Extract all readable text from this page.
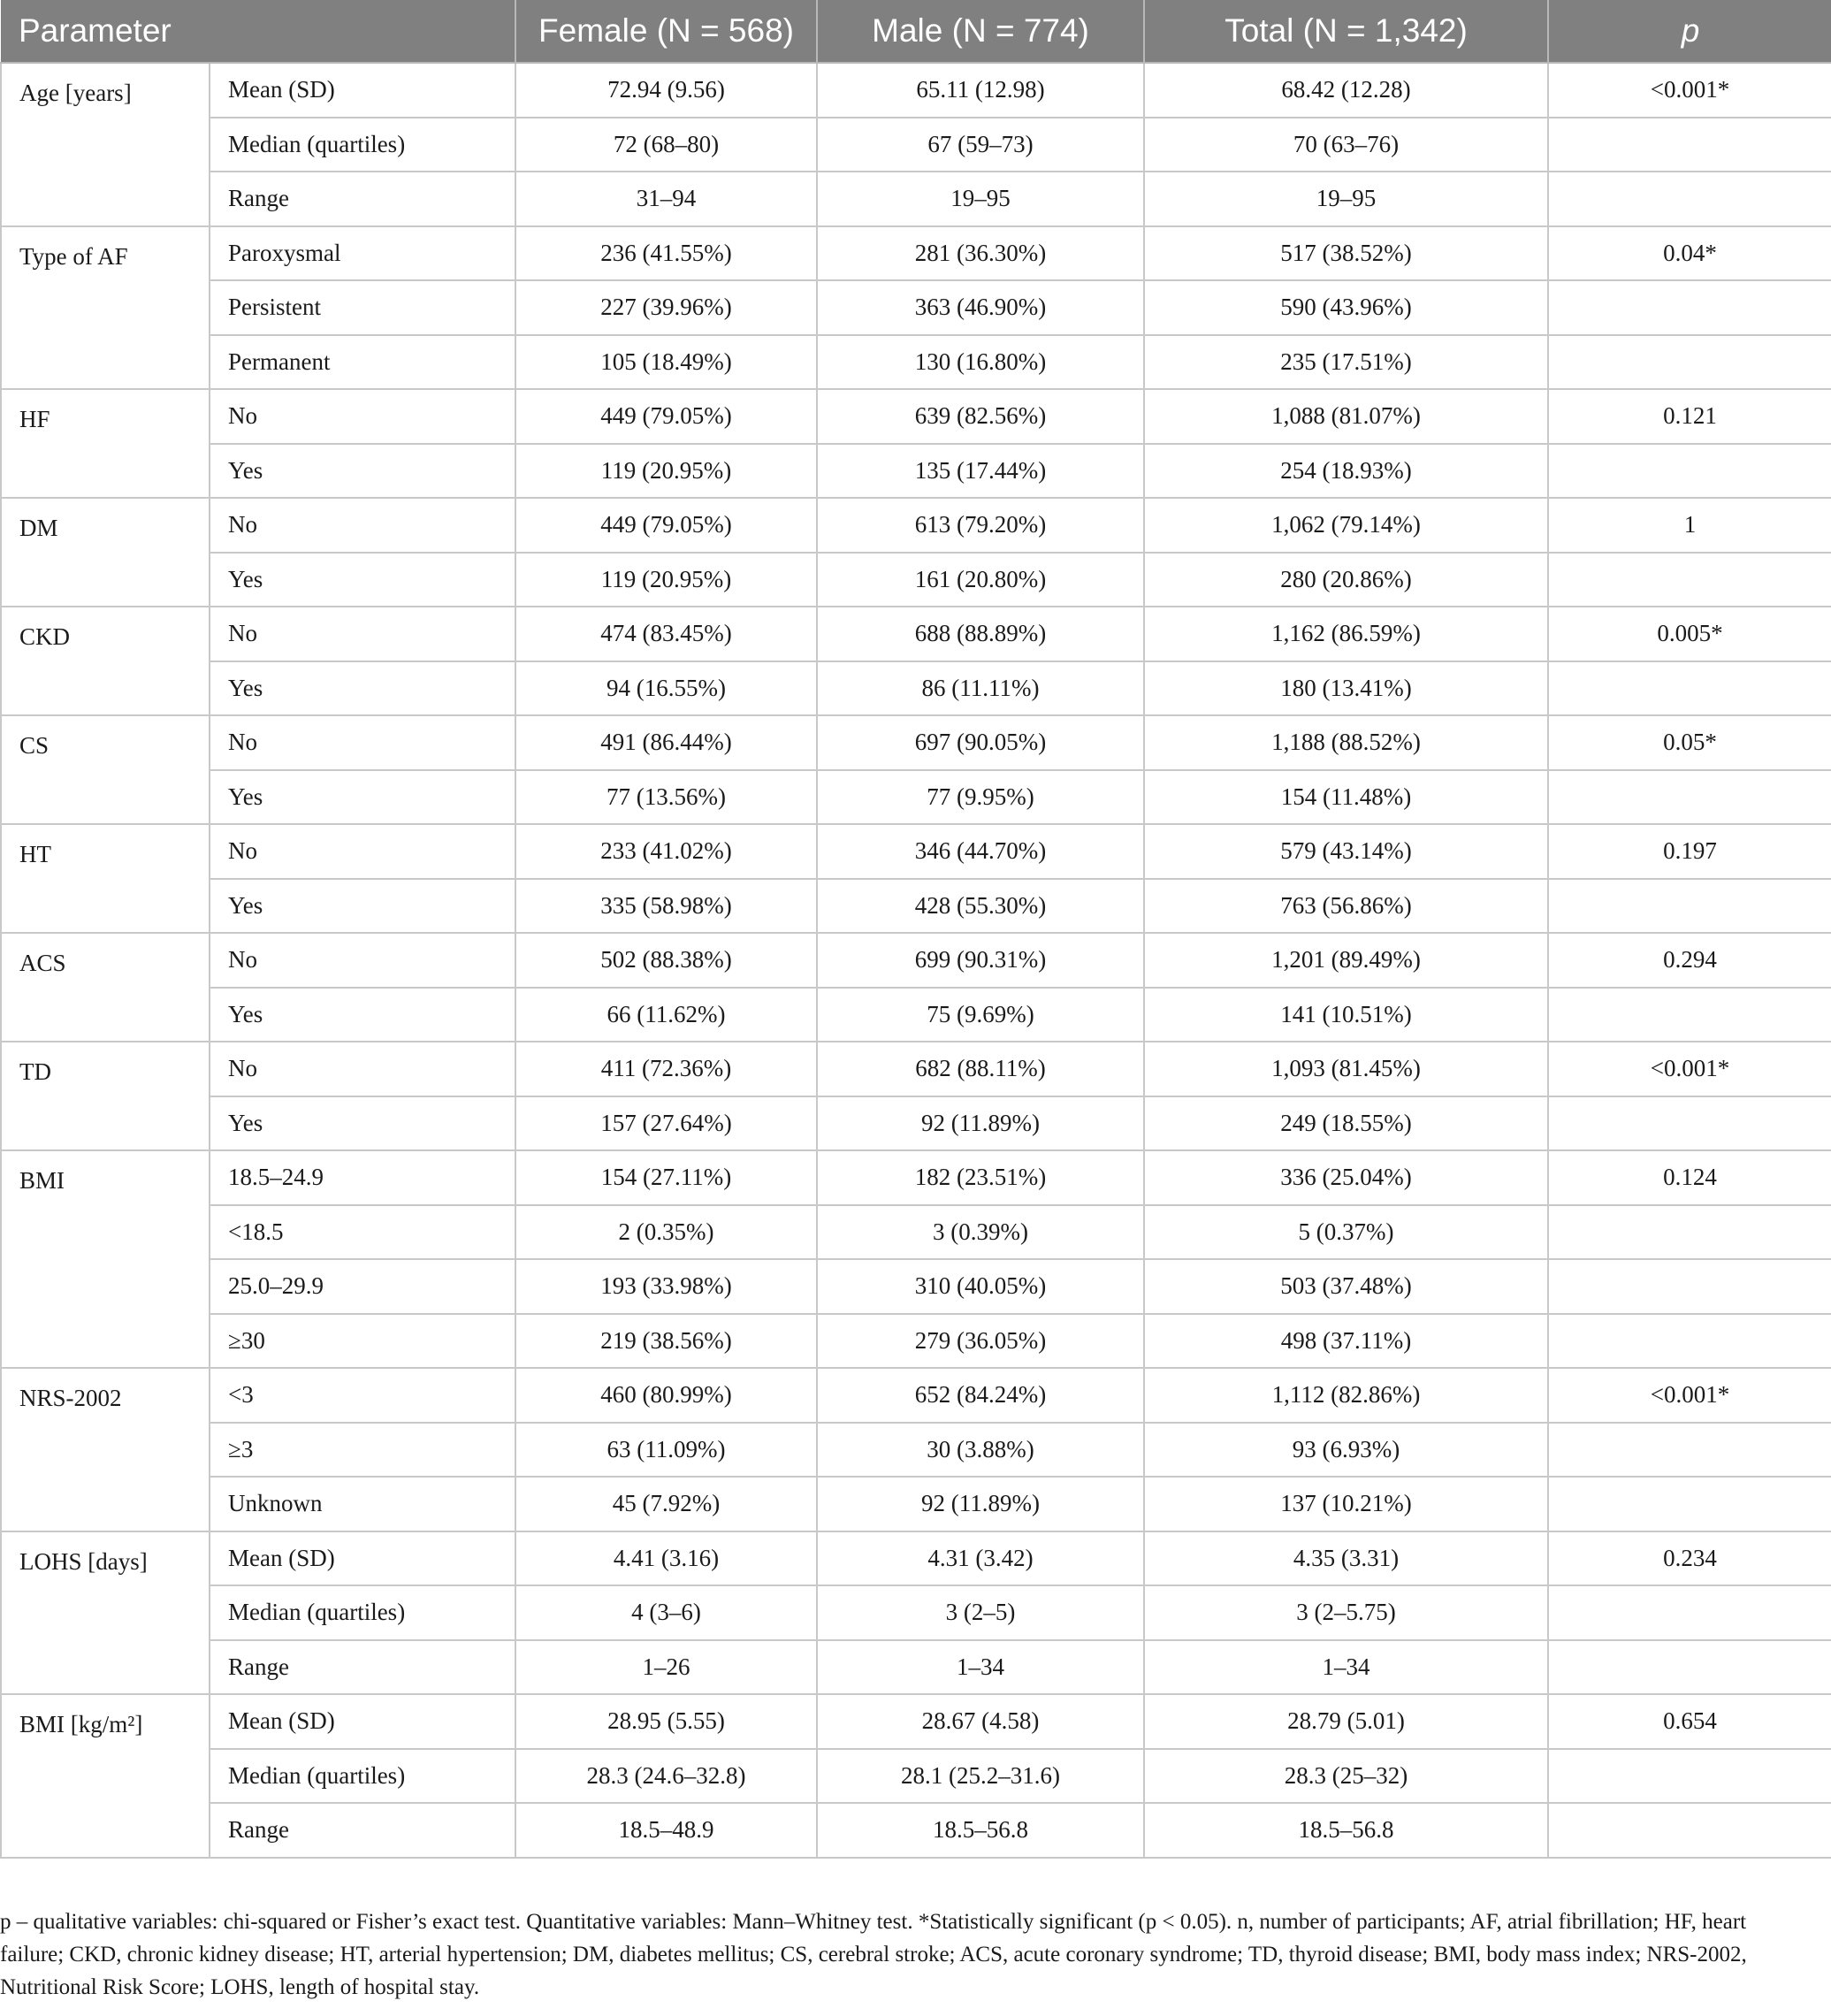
Parameter		Female (N = 568)	Male (N = 774)	Total (N = 1,342)	p
Age [years]	Mean (SD)	72.94 (9.56)	65.11 (12.98)	68.42 (12.28)	<0.001*
	Median (quartiles)	72 (68–80)	67 (59–73)	70 (63–76)	
	Range	31–94	19–95	19–95	
Type of AF	Paroxysmal	236 (41.55%)	281 (36.30%)	517 (38.52%)	0.04*
	Persistent	227 (39.96%)	363 (46.90%)	590 (43.96%)	
	Permanent	105 (18.49%)	130 (16.80%)	235 (17.51%)	
HF	No	449 (79.05%)	639 (82.56%)	1,088 (81.07%)	0.121
	Yes	119 (20.95%)	135 (17.44%)	254 (18.93%)	
DM	No	449 (79.05%)	613 (79.20%)	1,062 (79.14%)	1
	Yes	119 (20.95%)	161 (20.80%)	280 (20.86%)	
CKD	No	474 (83.45%)	688 (88.89%)	1,162 (86.59%)	0.005*
	Yes	94 (16.55%)	86 (11.11%)	180 (13.41%)	
CS	No	491 (86.44%)	697 (90.05%)	1,188 (88.52%)	0.05*
	Yes	77 (13.56%)	77 (9.95%)	154 (11.48%)	
HT	No	233 (41.02%)	346 (44.70%)	579 (43.14%)	0.197
	Yes	335 (58.98%)	428 (55.30%)	763 (56.86%)	
ACS	No	502 (88.38%)	699 (90.31%)	1,201 (89.49%)	0.294
	Yes	66 (11.62%)	75 (9.69%)	141 (10.51%)	
TD	No	411 (72.36%)	682 (88.11%)	1,093 (81.45%)	<0.001*
	Yes	157 (27.64%)	92 (11.89%)	249 (18.55%)	
BMI	18.5–24.9	154 (27.11%)	182 (23.51%)	336 (25.04%)	0.124
	<18.5	2 (0.35%)	3 (0.39%)	5 (0.37%)	
	25.0–29.9	193 (33.98%)	310 (40.05%)	503 (37.48%)	
	≥30	219 (38.56%)	279 (36.05%)	498 (37.11%)	
NRS-2002	<3	460 (80.99%)	652 (84.24%)	1,112 (82.86%)	<0.001*
	≥3	63 (11.09%)	30 (3.88%)	93 (6.93%)	
	Unknown	45 (7.92%)	92 (11.89%)	137 (10.21%)	
LOHS [days]	Mean (SD)	4.41 (3.16)	4.31 (3.42)	4.35 (3.31)	0.234
	Median (quartiles)	4 (3–6)	3 (2–5)	3 (2–5.75)	
	Range	1–26	1–34	1–34	
BMI [kg/m²]	Mean (SD)	28.95 (5.55)	28.67 (4.58)	28.79 (5.01)	0.654
	Median (quartiles)	28.3 (24.6–32.8)	28.1 (25.2–31.6)	28.3 (25–32)	
	Range	18.5–48.9	18.5–56.8	18.5–56.8	
p – qualitative variables: chi-squared or Fisher’s exact test. Quantitative variables: Mann–Whitney test. *Statistically significant (p < 0.05). n, number of participants; AF, atrial fibrillation; HF, heart failure; CKD, chronic kidney disease; HT, arterial hypertension; DM, diabetes mellitus; CS, cerebral stroke; ACS, acute coronary syndrome; TD, thyroid disease; BMI, body mass index; NRS-2002, Nutritional Risk Score; LOHS, length of hospital stay.
